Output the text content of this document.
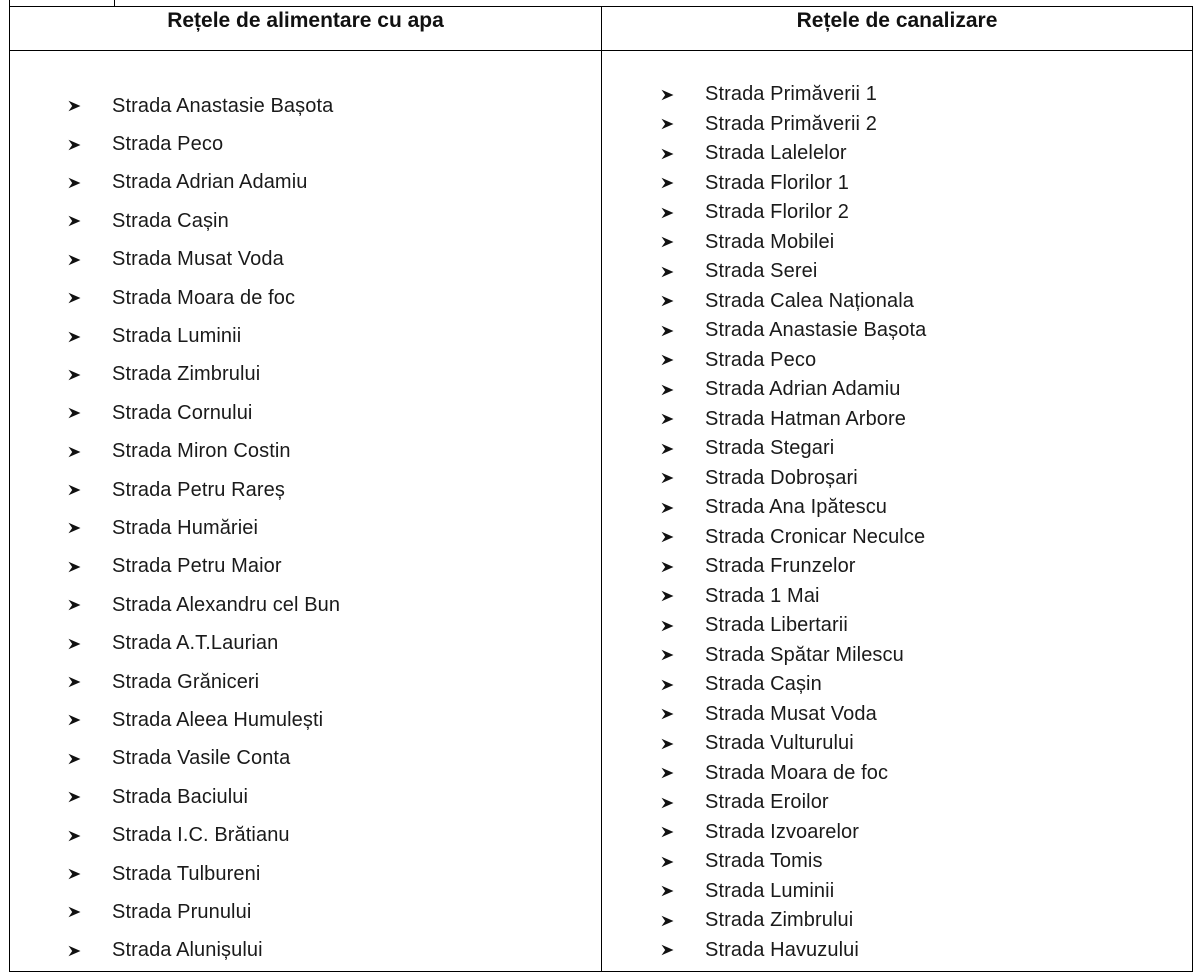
Rețele de alimentare cu apa	Rețele de canalizare
Strada Anastasie Bașota
Strada Peco
Strada Adrian Adamiu
Strada Cașin
Strada Musat Voda
Strada Moara de foc
Strada Luminii
Strada Zimbrului
Strada Cornului
Strada Miron Costin
Strada Petru Rareș
Strada Humăriei
Strada Petru Maior
Strada Alexandru cel Bun
Strada A.T.Laurian
Strada Grăniceri
Strada Aleea Humulești
Strada Vasile Conta
Strada Baciului
Strada I.C. Brătianu
Strada Tulbureni
Strada Prunului
Strada Alunișului
Strada Primăverii 1
Strada Primăverii 2
Strada Lalelelor
Strada Florilor 1
Strada Florilor 2
Strada Mobilei
Strada Serei
Strada Calea Naționala
Strada Anastasie Bașota
Strada Peco
Strada Adrian Adamiu
Strada Hatman Arbore
Strada Stegari
Strada Dobroșari
Strada Ana Ipătescu
Strada Cronicar Neculce
Strada Frunzelor
Strada 1 Mai
Strada Libertarii
Strada Spătar Milescu
Strada Cașin
Strada Musat Voda
Strada Vulturului
Strada Moara de foc
Strada Eroilor
Strada Izvoarelor
Strada Tomis
Strada Luminii
Strada Zimbrului
Strada Havuzului
